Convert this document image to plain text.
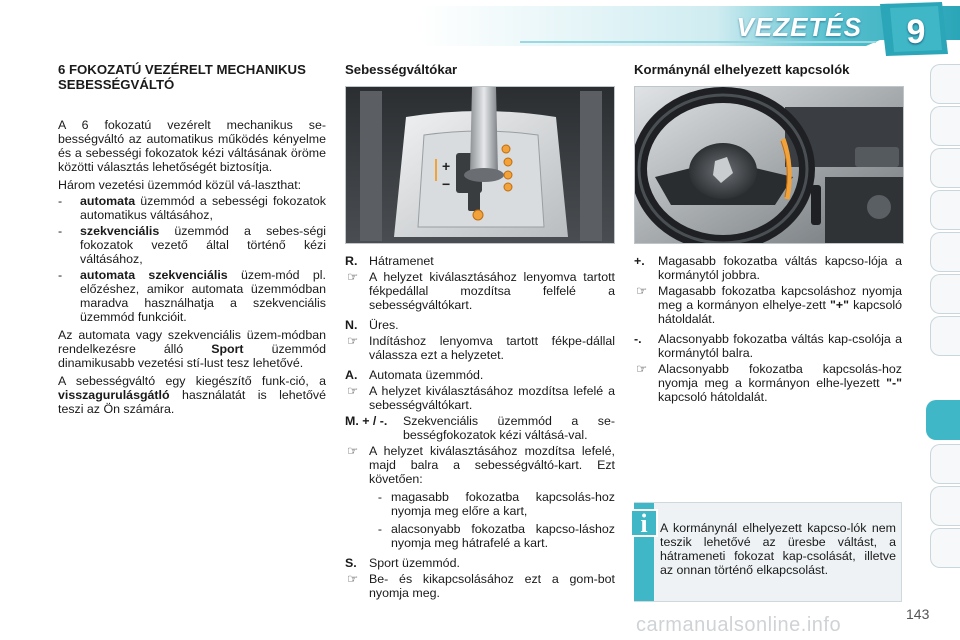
VEZETÉS	9
6 FOKOZATÚ VEZÉRELT MECHANIKUS SEBESSÉGVÁLTÓ

A 6 fokozatú vezérelt mechanikus se-bességváltó az automatikus működés kényelme és a sebességi fokozatok kézi váltásának öröme közötti választás lehetőségét biztosítja.

Három vezetési üzemmód közül vá-laszthat:

-	automata üzemmód a sebességi fokozatok automatikus váltásához,
-	szekvenciális üzemmód a sebes-ségi fokozatok vezető által történő kézi váltásához,
-	automata szekvenciális üzem-mód pl. előzéshez, amikor automata üzemmódban maradva használhatja a szekvenciális üzemmód funkcióit.

Az automata vagy szekvenciális üzem-módban rendelkezésre álló Sport üzemmód dinamikusabb vezetési stí-lust tesz lehetővé.

A sebességváltó egy kiegészítő funk-ció, a visszagurulásgátló használatát is lehetővé teszi az Ön számára.

Sebességváltókar
+
−
R. Hátramenet
☞ A helyzet kiválasztásához lenyomva tartott fékpedállal mozdítsa felfelé a sebességváltókart.
N. Üres.
☞ Indításhoz lenyomva tartott fékpe-dállal válassza ezt a helyzetet.
A. Automata üzemmód.
☞ A helyzet kiválasztásához mozdítsa lefelé a sebességváltókart.
M. + / -.	Szekvenciális üzemmód a se-bességfokozatok kézi váltásá-val.
☞ A helyzet kiválasztásához mozdítsa lefelé, majd balra a sebességváltó-kart. Ezt követően:
- magasabb fokozatba kapcsolás-hoz nyomja meg előre a kart,
- alacsonyabb fokozatba kapcso-láshoz nyomja meg hátrafelé a kart.
S. Sport üzemmód.
☞ Be- és kikapcsolásához ezt a gom-bot nyomja meg.
Kormánynál elhelyezett kapcsolók
+.	Magasabb fokozatba váltás kapcso-lója a kormánytól jobbra.
☞ Magasabb fokozatba kapcsoláshoz nyomja meg a kormányon elhelye-zett "+" kapcsoló hátoldalát.
-.	Alacsonyabb fokozatba váltás kap-csolója a kormánytól balra.
☞ Alacsonyabb fokozatba kapcsolás-hoz nyomja meg a kormányon elhe-lyezett "-" kapcsoló hátoldalát.
i A kormánynál elhelyezett kapcso-lók nem teszik lehetővé az üresbe váltást, a hátrameneti fokozat kap-csolását, illetve az onnan történő elkapcsolást.
143
carmanualsonline.info
